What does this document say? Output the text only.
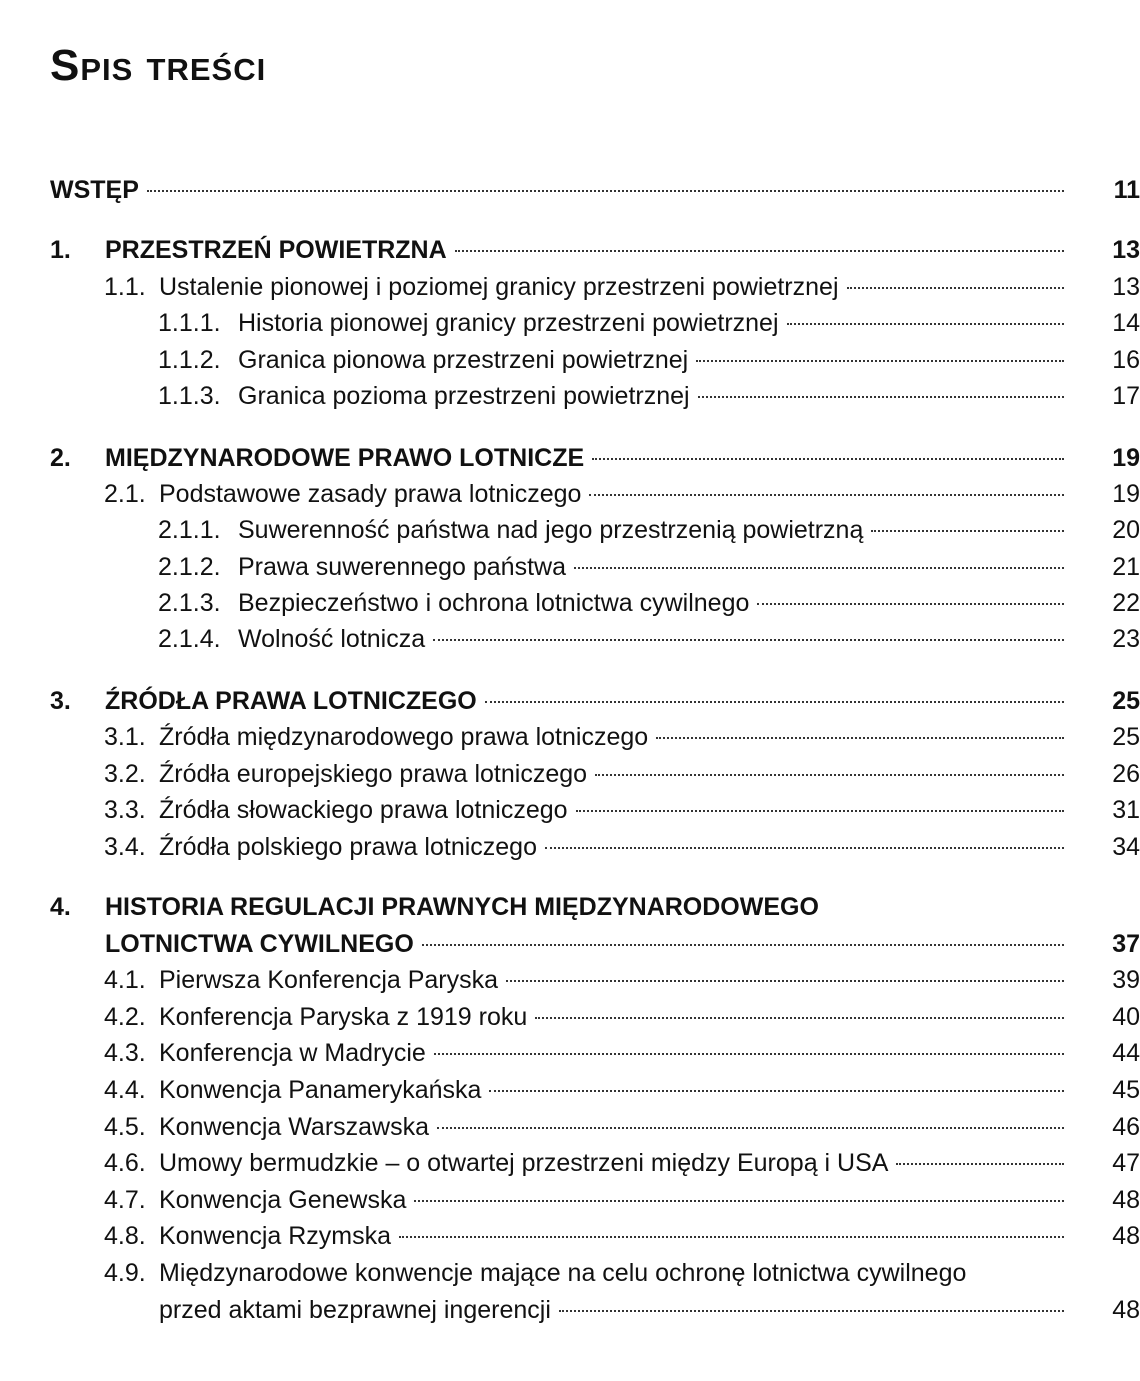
Spis treści
WSTĘP	11
1.	PRZESTRZEŃ POWIETRZNA	13
1.1. Ustalenie pionowej i poziomej granicy przestrzeni powietrznej	13
1.1.1. Historia pionowej granicy przestrzeni powietrznej	14
1.1.2. Granica pionowa przestrzeni powietrznej	16
1.1.3. Granica pozioma przestrzeni powietrznej	17
2.	MIĘDZYNARODOWE PRAWO LOTNICZE	19
2.1. Podstawowe zasady prawa lotniczego	19
2.1.1. Suwerenność państwa nad jego przestrzenią powietrzną	20
2.1.2. Prawa suwerennego państwa	21
2.1.3. Bezpieczeństwo i ochrona lotnictwa cywilnego	22
2.1.4. Wolność lotnicza	23
3.	ŹRÓDŁA PRAWA LOTNICZEGO	25
3.1. Źródła międzynarodowego prawa lotniczego	25
3.2. Źródła europejskiego prawa lotniczego	26
3.3. Źródła słowackiego prawa lotniczego	31
3.4. Źródła polskiego prawa lotniczego	34
4.	HISTORIA REGULACJI PRAWNYCH MIĘDZYNARODOWEGO
LOTNICTWA CYWILNEGO	37
4.1. Pierwsza Konferencja Paryska	39
4.2. Konferencja Paryska z 1919 roku	40
4.3. Konferencja w Madrycie	44
4.4. Konwencja Panamerykańska	45
4.5. Konwencja Warszawska	46
4.6. Umowy bermudzkie – o otwartej przestrzeni między Europą i USA	47
4.7. Konwencja Genewska	48
4.8. Konwencja Rzymska	48
4.9. Międzynarodowe konwencje mające na celu ochronę lotnictwa cywilnego
przed aktami bezprawnej ingerencji	48
